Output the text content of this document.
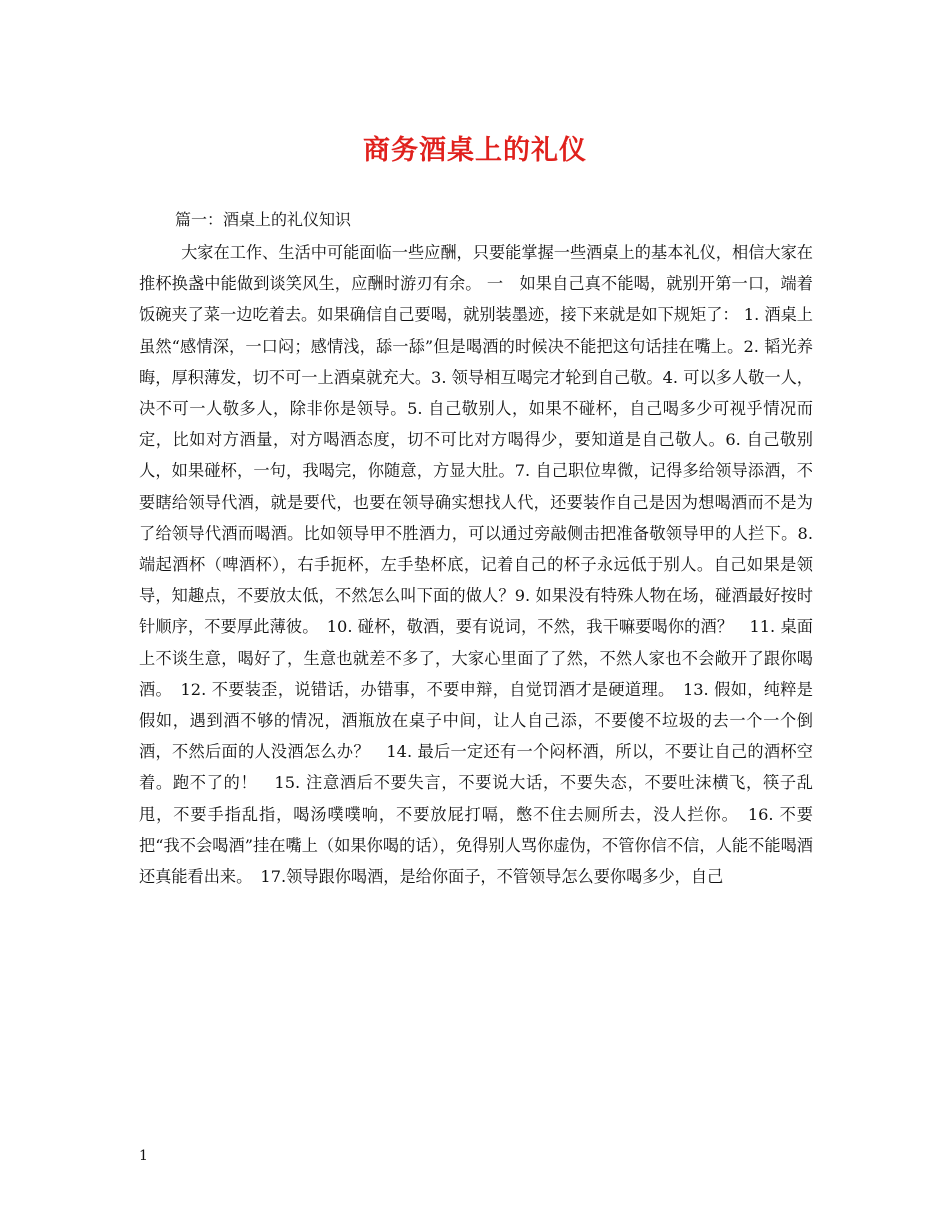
商务酒桌上的礼仪

篇一：酒桌上的礼仪知识

大家在工作、生活中可能面临一些应酬，只要能掌握一些酒桌上的基本礼仪，相信大家在推杯换盏中能做到谈笑风生，应酬时游刃有余。 一　如果自己真不能喝，就别开第一口，端着饭碗夹了菜一边吃着去。如果确信自己要喝，就别装墨迹，接下来就是如下规矩了： 1. 酒桌上虽然“感情深，一口闷；感情浅，舔一舔”但是喝酒的时候决不能把这句话挂在嘴上。2. 韬光养晦，厚积薄发，切不可一上酒桌就充大。3. 领导相互喝完才轮到自己敬。4. 可以多人敬一人，决不可一人敬多人，除非你是领导。5. 自己敬别人，如果不碰杯，自己喝多少可视乎情况而定，比如对方酒量，对方喝酒态度，切不可比对方喝得少，要知道是自己敬人。6. 自己敬别人，如果碰杯，一句，我喝完，你随意，方显大肚。7. 自己职位卑微，记得多给领导添酒，不要瞎给领导代酒，就是要代，也要在领导确实想找人代，还要装作自己是因为想喝酒而不是为了给领导代酒而喝酒。比如领导甲不胜酒力，可以通过旁敲侧击把准备敬领导甲的人拦下。8. 端起酒杯（啤酒杯），右手扼杯，左手垫杯底，记着自己的杯子永远低于别人。自己如果是领导，知趣点，不要放太低，不然怎么叫下面的做人？9. 如果没有特殊人物在场，碰酒最好按时针顺序，不要厚此薄彼。　10. 碰杯，敬酒，要有说词，不然，我干嘛要喝你的酒？　11. 桌面上不谈生意，喝好了，生意也就差不多了，大家心里面了了然，不然人家也不会敞开了跟你喝酒。　12. 不要装歪，说错话，办错事，不要申辩，自觉罚酒才是硬道理。　13. 假如，纯粹是假如，遇到酒不够的情况，酒瓶放在桌子中间，让人自己添，不要傻不垃圾的去一个一个倒酒，不然后面的人没酒怎么办？　14. 最后一定还有一个闷杯酒，所以，不要让自己的酒杯空着。跑不了的！　15. 注意酒后不要失言，不要说大话，不要失态，不要吐沫横飞，筷子乱甩，不要手指乱指，喝汤噗噗响，不要放屁打嗝，憋不住去厕所去，没人拦你。　16. 不要把“我不会喝酒”挂在嘴上（如果你喝的话），免得别人骂你虚伪，不管你信不信，人能不能喝酒还真能看出来。　17.领导跟你喝酒，是给你面子，不管领导怎么要你喝多少，自己

1
